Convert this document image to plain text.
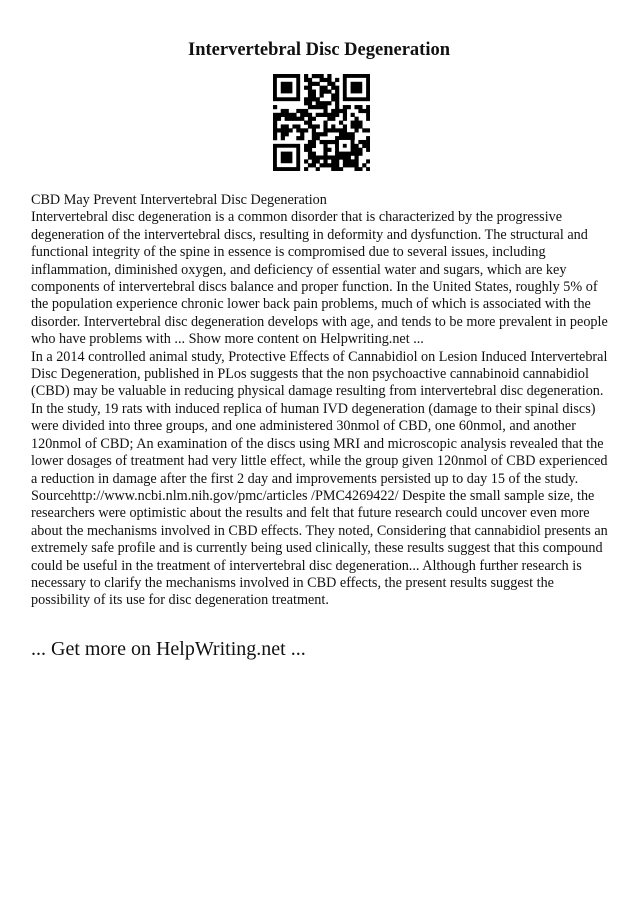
Intervertebral Disc Degeneration

CBD May Prevent Intervertebral Disc Degeneration

Intervertebral disc degeneration is a common disorder that is characterized by the progressive degeneration of the intervertebral discs, resulting in deformity and dysfunction. The structural and functional integrity of the spine in essence is compromised due to several issues, including inflammation, diminished oxygen, and deficiency of essential water and sugars, which are key components of intervertebral discs balance and proper function. In the United States, roughly 5% of the population experience chronic lower back pain problems, much of which is associated with the disorder. Intervertebral disc degeneration develops with age, and tends to be more prevalent in people who have problems with ... Show more content on Helpwriting.net ...

In a 2014 controlled animal study, Protective Effects of Cannabidiol on Lesion Induced Intervertebral Disc Degeneration, published in PLos suggests that the non psychoactive cannabinoid cannabidiol (CBD) may be valuable in reducing physical damage resulting from intervertebral disc degeneration. In the study, 19 rats with induced replica of human IVD degeneration (damage to their spinal discs) were divided into three groups, and one administered 30nmol of CBD, one 60nmol, and another 120nmol of CBD; An examination of the discs using MRI and microscopic analysis revealed that the lower dosages of treatment had very little effect, while the group given 120nmol of CBD experienced a reduction in damage after the first 2 day and improvements persisted up to day 15 of the study. Sourcehttp://www.ncbi.nlm.nih.gov/pmc/articles /PMC4269422/ Despite the small sample size, the researchers were optimistic about the results and felt that future research could uncover even more about the mechanisms involved in CBD effects. They noted, Considering that cannabidiol presents an extremely safe profile and is currently being used clinically, these results suggest that this compound could be useful in the treatment of intervertebral disc degeneration... Although further research is necessary to clarify the mechanisms involved in CBD effects, the present results suggest the possibility of its use for disc degeneration treatment.

... Get more on HelpWriting.net ...
